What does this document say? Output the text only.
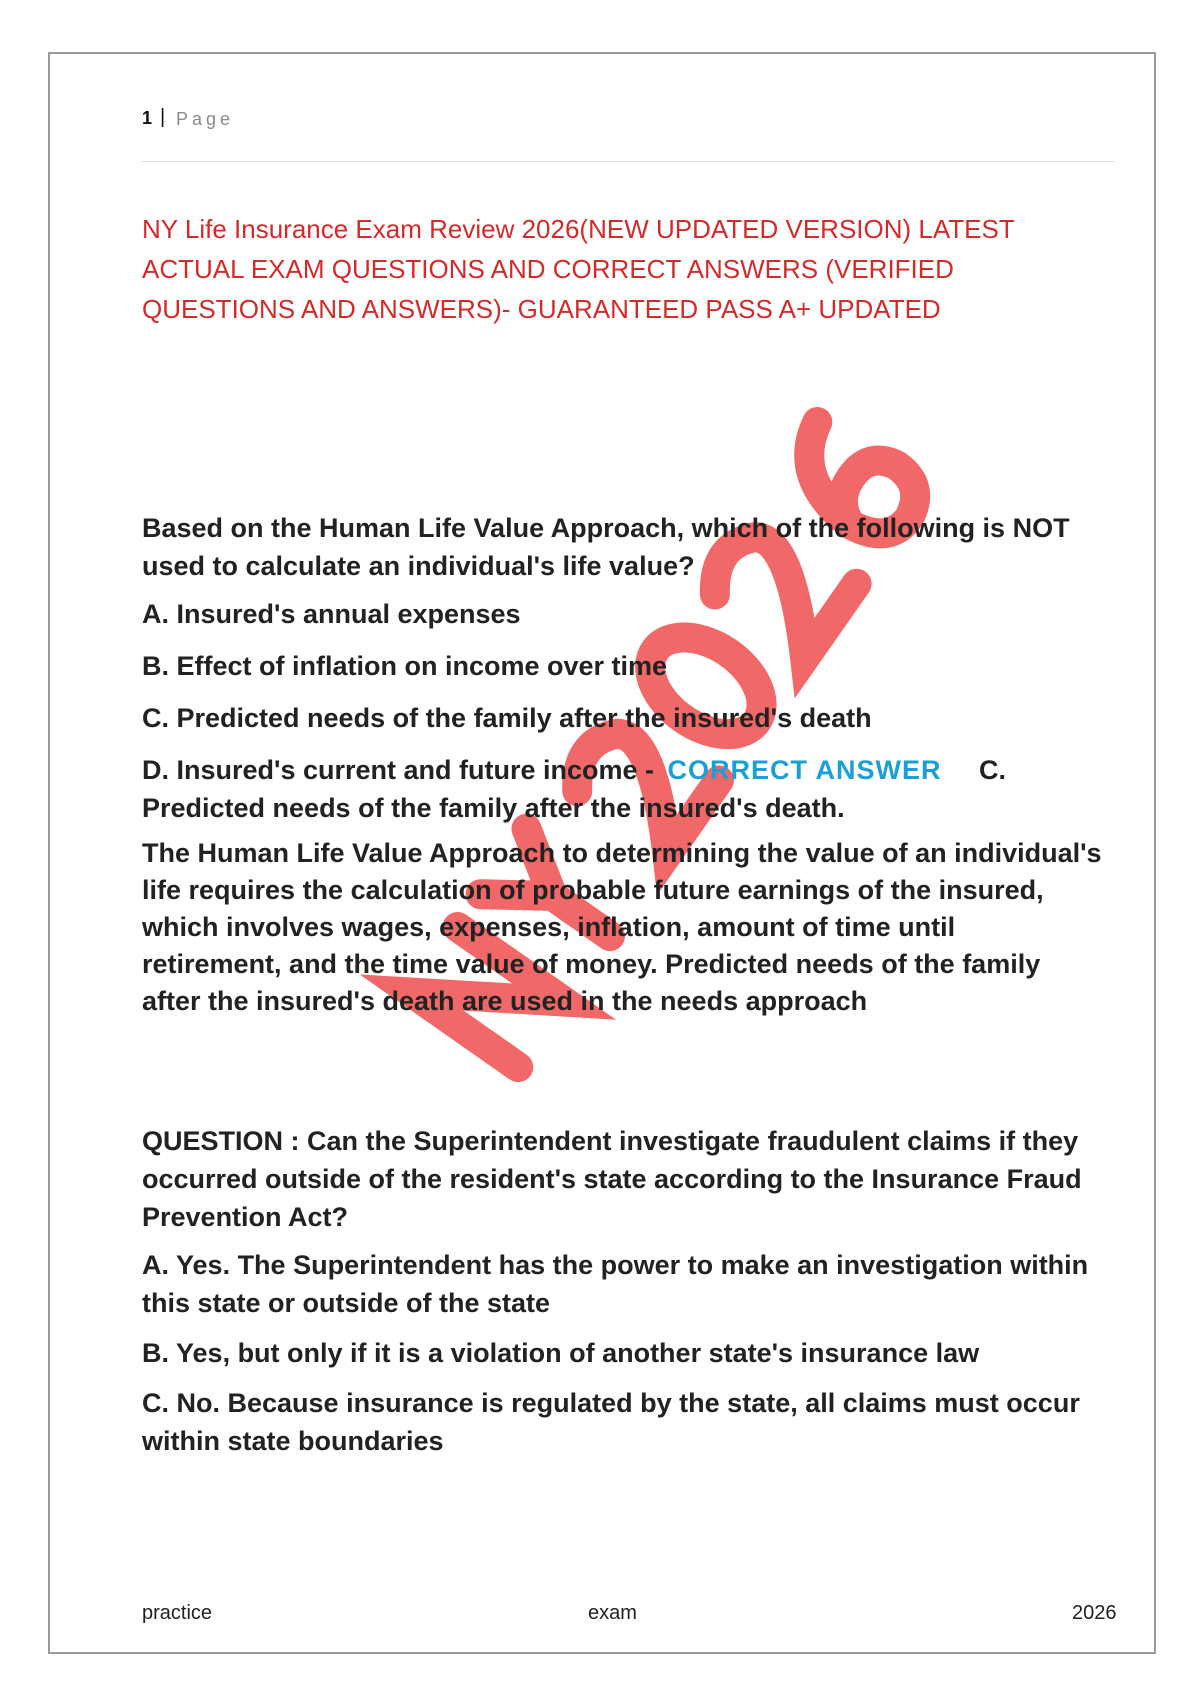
1 | Page
NY Life Insurance Exam Review 2026(NEW UPDATED VERSION) LATEST ACTUAL EXAM QUESTIONS AND CORRECT ANSWERS (VERIFIED QUESTIONS AND ANSWERS)- GUARANTEED PASS A+ UPDATED
Based on the Human Life Value Approach, which of the following is NOT used to calculate an individual's life value?
A. Insured's annual expenses
B. Effect of inflation on income over time
C. Predicted needs of the family after the insured's death
D. Insured's current and future income - CORRECT ANSWER C. Predicted needs of the family after the insured's death.
The Human Life Value Approach to determining the value of an individual's life requires the calculation of probable future earnings of the insured, which involves wages, expenses, inflation, amount of time until retirement, and the time value of money. Predicted needs of the family after the insured's death are used in the needs approach
QUESTION : Can the Superintendent investigate fraudulent claims if they occurred outside of the resident's state according to the Insurance Fraud Prevention Act?
A. Yes. The Superintendent has the power to make an investigation within this state or outside of the state
B. Yes, but only if it is a violation of another state's insurance law
C. No. Because insurance is regulated by the state, all claims must occur within state boundaries
practice	exam	2026
